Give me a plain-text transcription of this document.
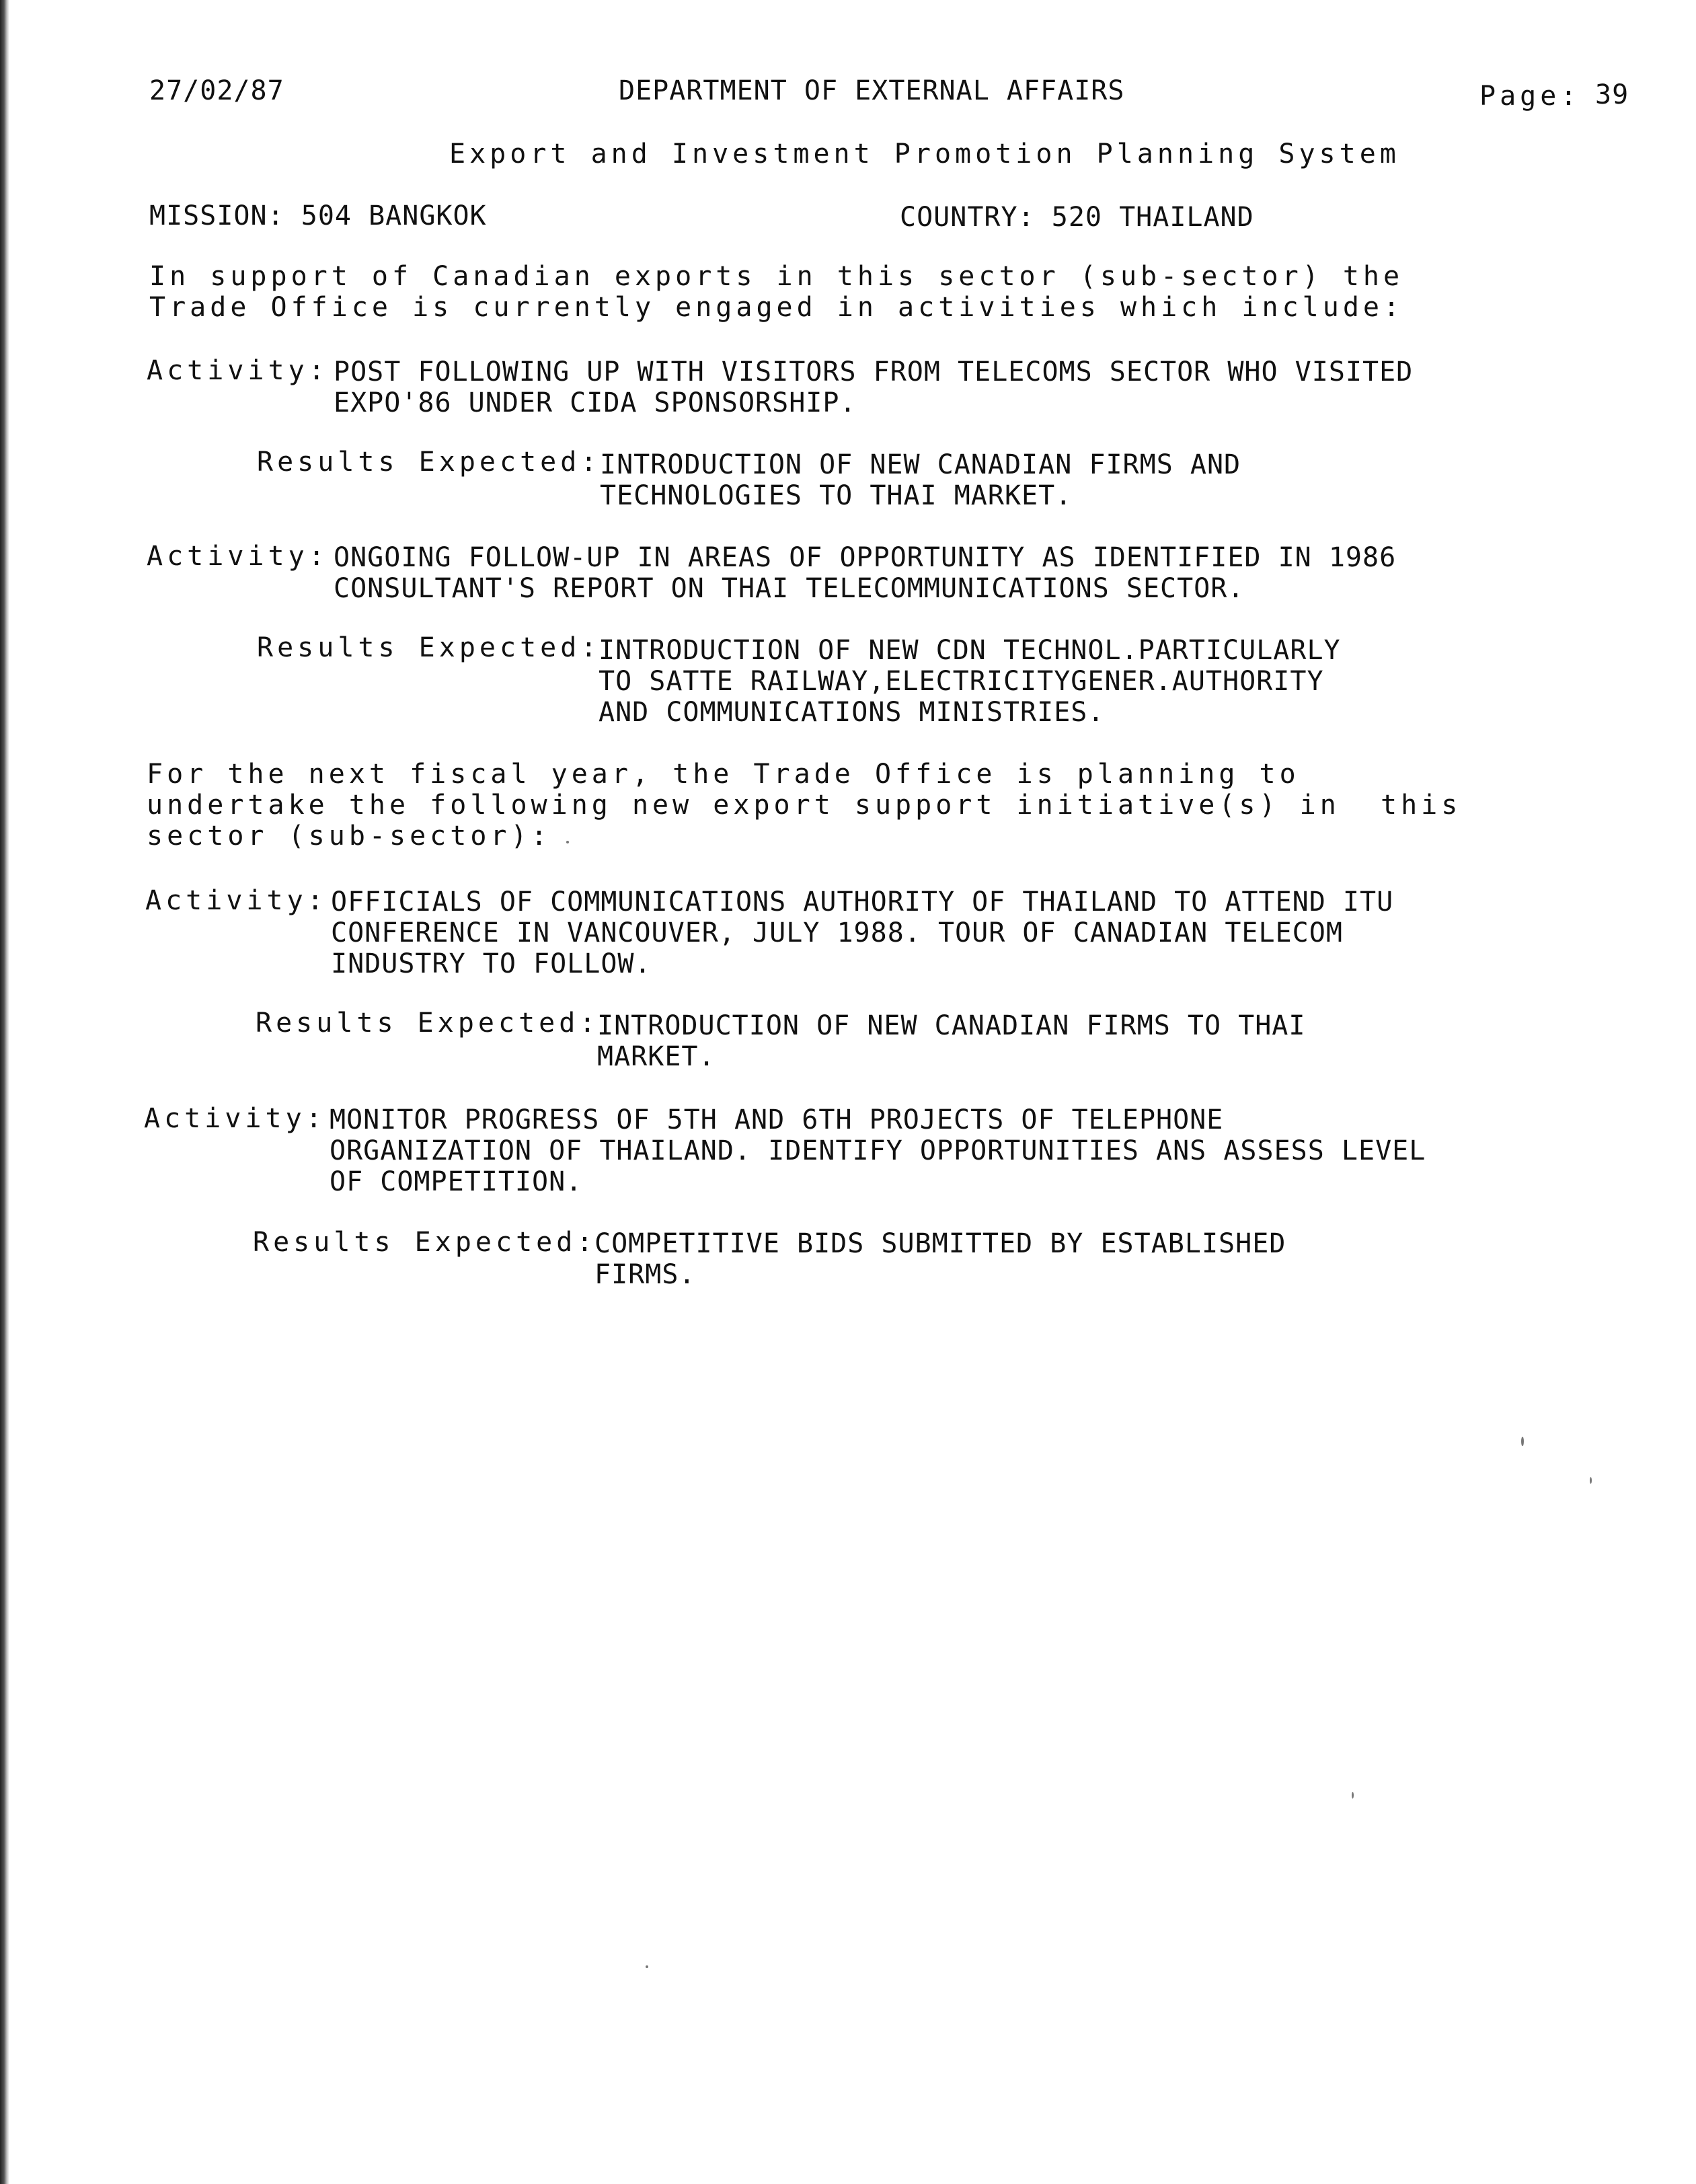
27/02/87	DEPARTMENT OF EXTERNAL AFFAIRS	Page: 39
Export and Investment Promotion Planning System
MISSION: 504 BANGKOK	COUNTRY: 520 THAILAND
In support of Canadian exports in this sector (sub-sector) the
Trade Office is currently engaged in activities which include:
Activity: POST FOLLOWING UP WITH VISITORS FROM TELECOMS SECTOR WHO VISITED
EXPO'86 UNDER CIDA SPONSORSHIP.
Results Expected:
INTRODUCTION OF NEW CANADIAN FIRMS AND
TECHNOLOGIES TO THAI MARKET.
Activity: ONGOING FOLLOW-UP IN AREAS OF OPPORTUNITY AS IDENTIFIED IN 1986
CONSULTANT'S REPORT ON THAI TELECOMMUNICATIONS SECTOR.
Results Expected:
INTRODUCTION OF NEW CDN TECHNOL.PARTICULARLY
TO SATTE RAILWAY,ELECTRICITYGENER.AUTHORITY
AND COMMUNICATIONS MINISTRIES.
For the next fiscal year, the Trade Office is planning to
undertake the following new export support initiative(s) in  this
sector (sub-sector):
Activity: OFFICIALS OF COMMUNICATIONS AUTHORITY OF THAILAND TO ATTEND ITU
CONFERENCE IN VANCOUVER, JULY 1988. TOUR OF CANADIAN TELECOM
INDUSTRY TO FOLLOW.
Results Expected:
INTRODUCTION OF NEW CANADIAN FIRMS TO THAI
MARKET.
Activity: MONITOR PROGRESS OF 5TH AND 6TH PROJECTS OF TELEPHONE
ORGANIZATION OF THAILAND. IDENTIFY OPPORTUNITIES ANS ASSESS LEVEL
OF COMPETITION.
Results Expected:
COMPETITIVE BIDS SUBMITTED BY ESTABLISHED
FIRMS.
